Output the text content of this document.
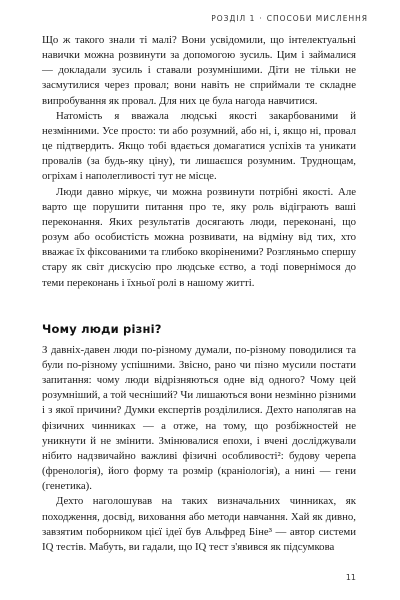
РОЗДІЛ 1 · СПОСОБИ МИСЛЕННЯ

Що ж такого знали ті малі? Вони усвідомили, що інтелектуальні навички можна розвинути за допомогою зусиль. Цим і займалися — докладали зусиль і ставали розумнішими. Діти не тільки не засмутилися через провал; вони навіть не сприймали те складне випробування як провал. Для них це була нагода навчитися.

Натомість я вважала людські якості закарбованими й незмінними. Усе просто: ти або розумний, або ні, і, якщо ні, провал це підтвердить. Якщо тобі вдається домагатися успіхів та уникати провалів (за будь-яку ціну), ти лишаєшся розумним. Труднощам, огріхам і наполегливості тут не місце.

Люди давно міркує, чи можна розвинути потрібні якості. Але варто ще порушити питання про те, яку роль відіграють ваші переконання. Яких результатів досягають люди, переконані, що розум або особистість можна розвивати, на відміну від тих, хто вважає їх фіксованими та глибоко вкоріненими? Розгляньмо спершу стару як світ дискусію про людське єство, а тоді повернімося до теми переконань і їхньої ролі в нашому житті.

Чому люди різні?

З давніх-давен люди по-різному думали, по-різному поводилися та були по-різному успішними. Звісно, рано чи пізно мусили постати запитання: чому люди відрізняються одне від одного? Чому цей розумніший, а той чесніший? Чи лишаються вони незмінно різними і з якої причини? Думки експертів розділилися. Дехто наполягав на фізичних чинниках — а отже, на тому, що розбіжностей не уникнути й не змінити. Змінювалися епохи, і вчені досліджували нібито надзвичайно важливі фізичні особливості²: будову черепа (френологія), його форму та розмір (краніологія), а нині — гени (генетика).

Дехто наголошував на таких визначальних чинниках, як походження, досвід, виховання або методи навчання. Хай як дивно, завзятим поборником цієї ідеї був Альфред Біне³ — автор системи IQ тестів. Мабуть, ви гадали, що IQ тест з'явився як підсумкова

11
